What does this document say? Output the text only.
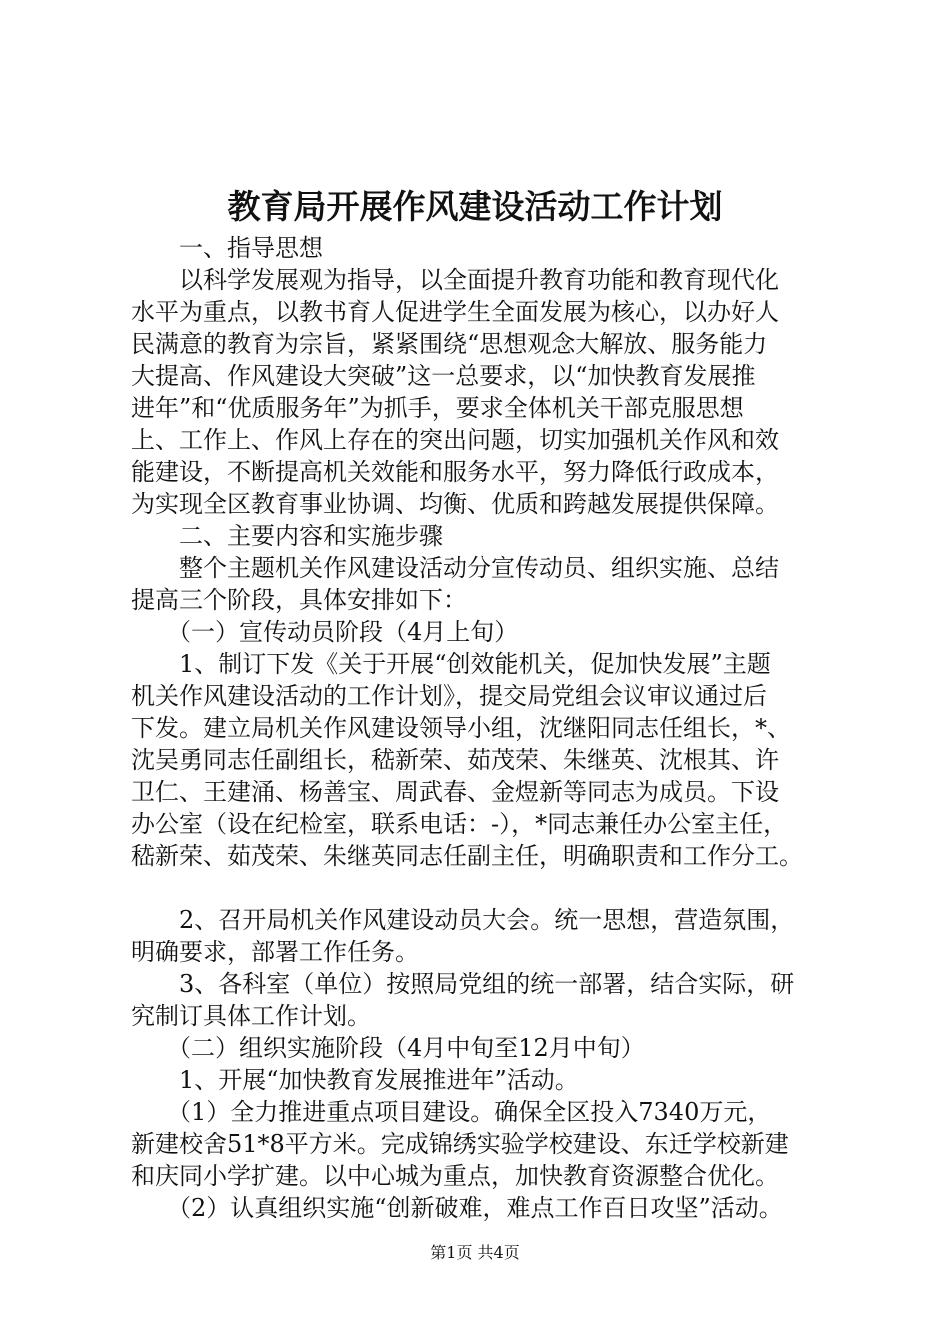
教育局开展作风建设活动工作计划
　　一、指导思想
　　以科学发展观为指导，以全面提升教育功能和教育现代化
水平为重点，以教书育人促进学生全面发展为核心，以办好人
民满意的教育为宗旨，紧紧围绕“思想观念大解放、服务能力
大提高、作风建设大突破”这一总要求，以“加快教育发展推
进年”和“优质服务年”为抓手，要求全体机关干部克服思想
上、工作上、作风上存在的突出问题，切实加强机关作风和效
能建设，不断提高机关效能和服务水平，努力降低行政成本，
为实现全区教育事业协调、均衡、优质和跨越发展提供保障。
　　二、主要内容和实施步骤
　　整个主题机关作风建设活动分宣传动员、组织实施、总结
提高三个阶段，具体安排如下：
　　（一）宣传动员阶段（4月上旬）
　　1、制订下发《关于开展“创效能机关，促加快发展”主题
机关作风建设活动的工作计划》，提交局党组会议审议通过后
下发。建立局机关作风建设领导小组，沈继阳同志任组长，*、
沈吴勇同志任副组长，嵇新荣、茹茂荣、朱继英、沈根其、许
卫仁、王建涌、杨善宝、周武春、金煜新等同志为成员。下设
办公室（设在纪检室，联系电话：-），*同志兼任办公室主任，
嵇新荣、茹茂荣、朱继英同志任副主任，明确职责和工作分工。
　　2、召开局机关作风建设动员大会。统一思想，营造氛围，
明确要求，部署工作任务。
　　3、各科室（单位）按照局党组的统一部署，结合实际，研
究制订具体工作计划。
　　（二）组织实施阶段（4月中旬至12月中旬）
　　1、开展“加快教育发展推进年”活动。
　　（1）全力推进重点项目建设。确保全区投入7340万元，
新建校舍51*8平方米。完成锦绣实验学校建设、东迁学校新建
和庆同小学扩建。以中心城为重点，加快教育资源整合优化。
　　（2）认真组织实施“创新破难，难点工作百日攻坚”活动。
第1页 共4页
